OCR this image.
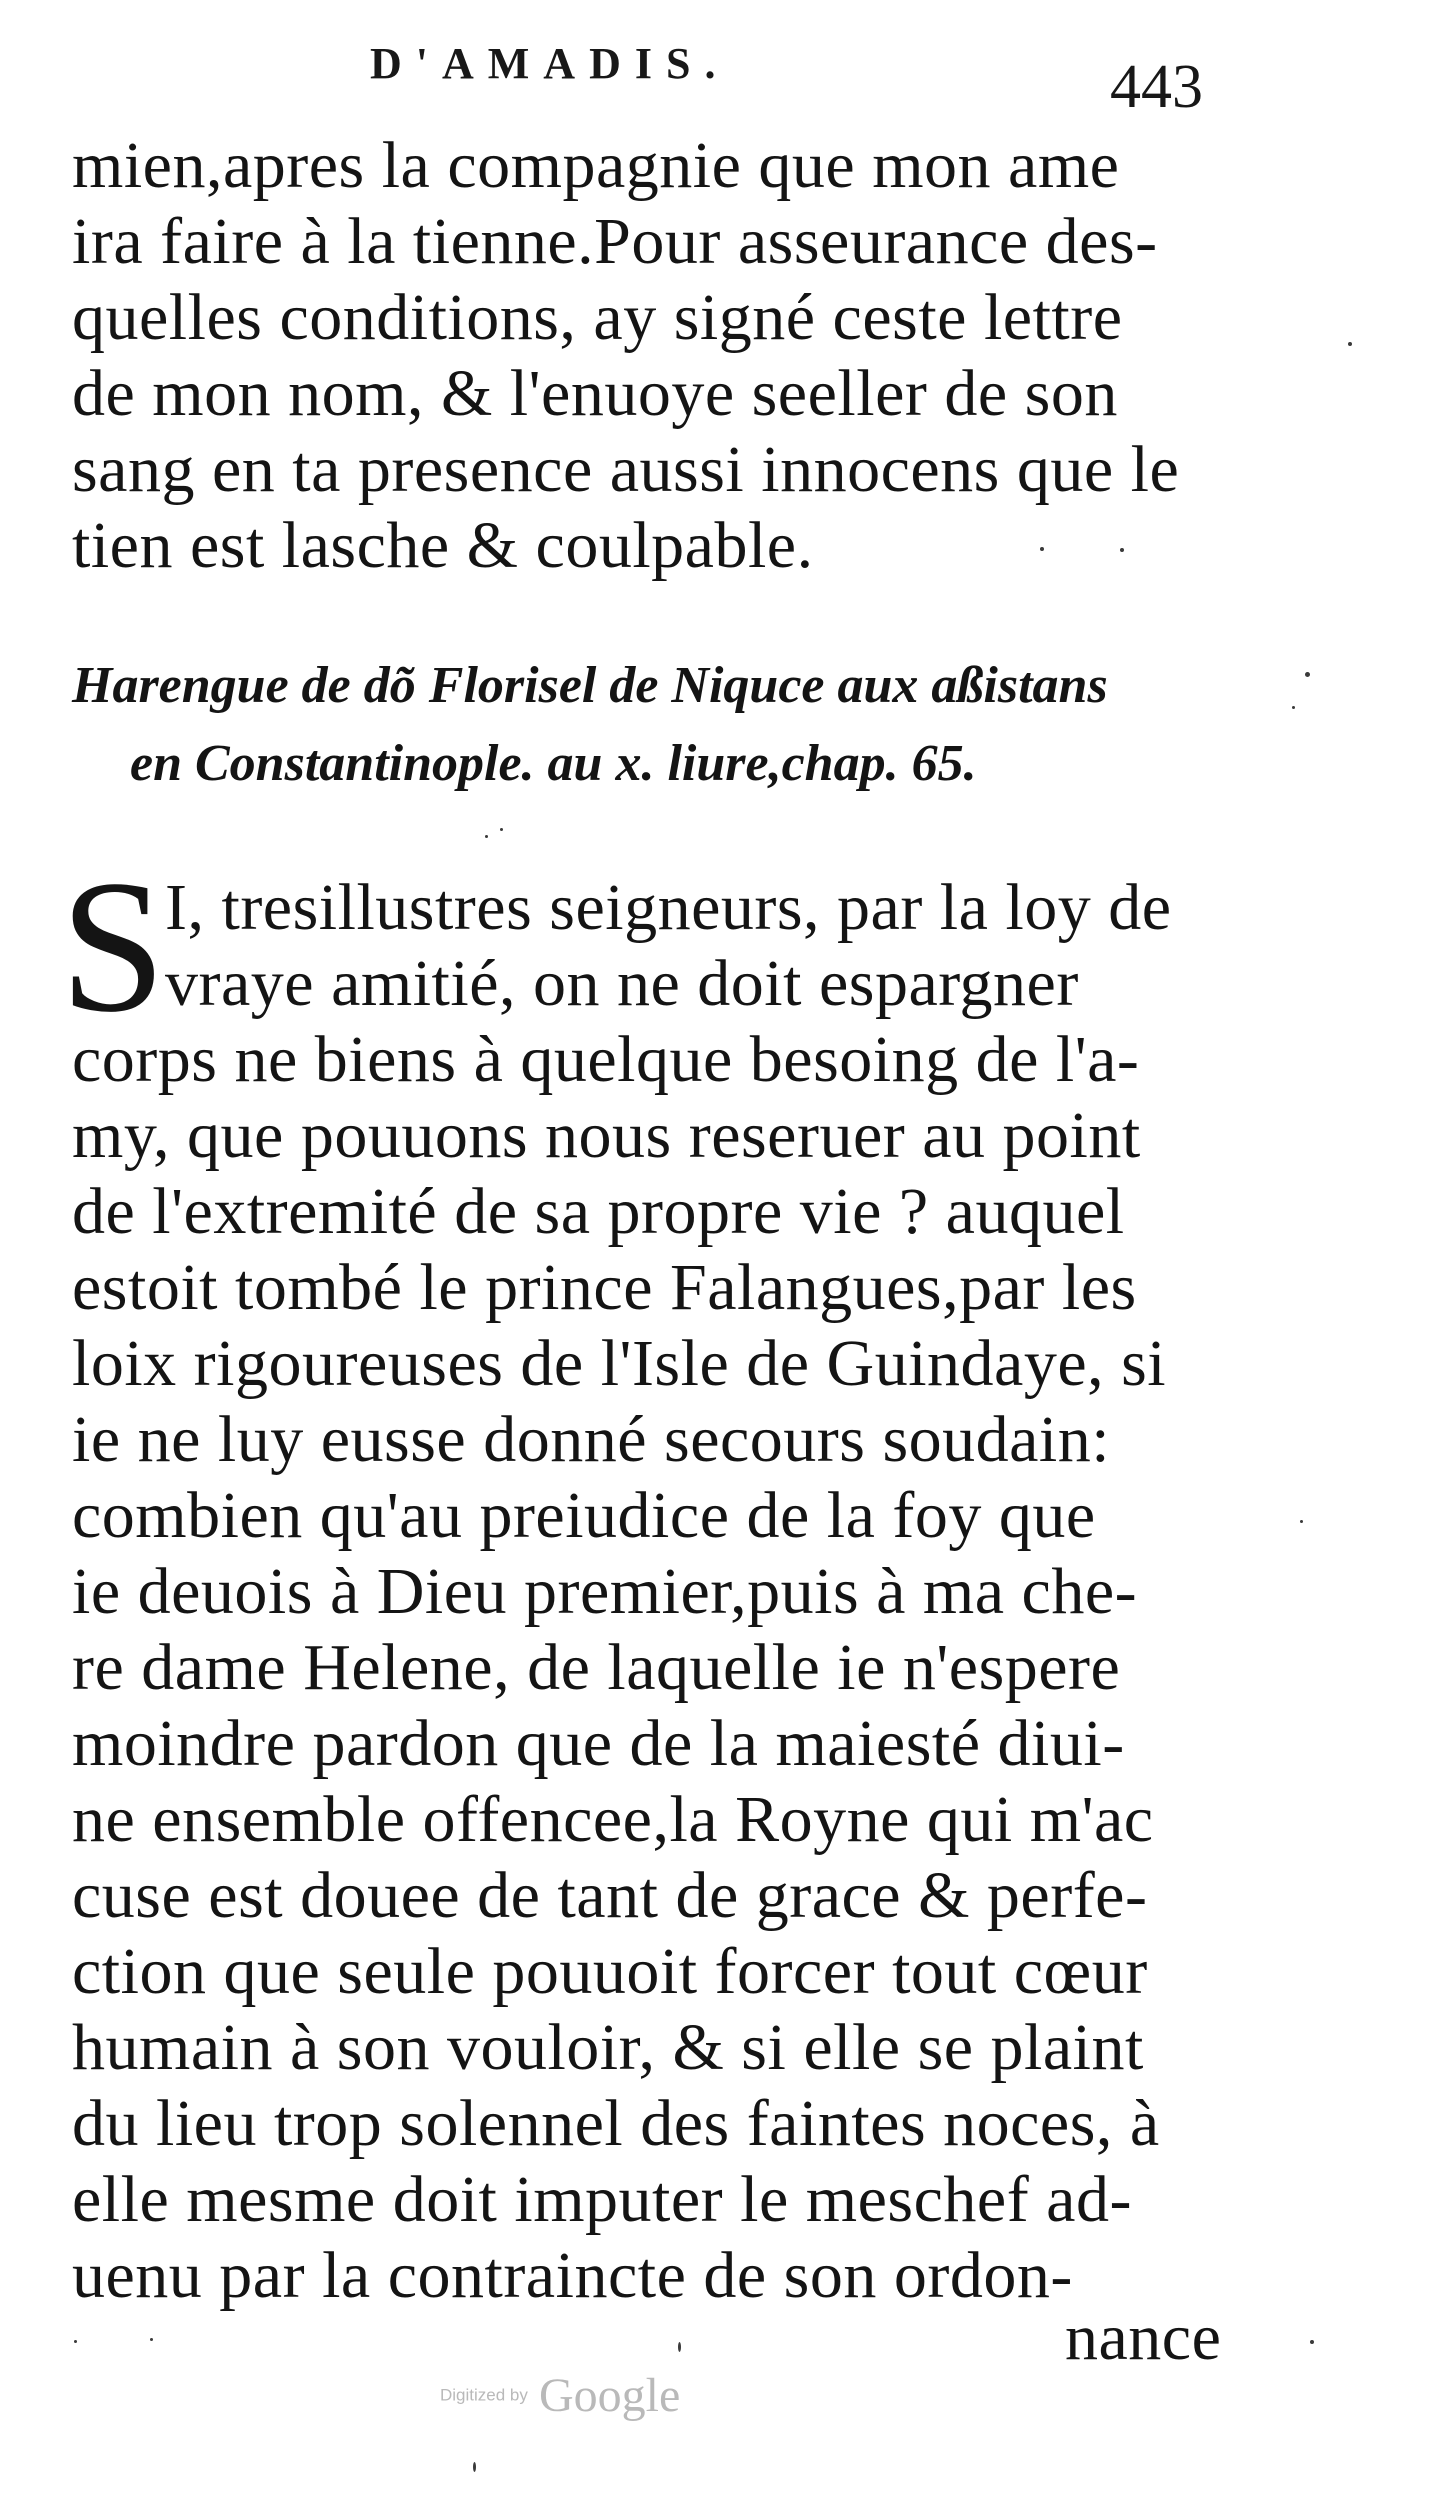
D'AMADIS.	443
mien,apres la compagnie que mon ame
ira faire à la tienne.Pour asseurance des-
quelles conditions, ay signé ceste lettre
de mon nom, & l'enuoye seeller de son
sang en ta presence aussi innocens que le
tien est lasche & coulpable.
Harengue de dõ Florisel de Niquce aux aßistans
en Constantinople. au x. liure,chap. 65.
S I, tresillustres seigneurs, par la loy de
vraye amitié, on ne doit espargner
corps ne biens à quelque besoing de l'a-
my, que pouuons nous reseruer au point
de l'extremité de sa propre vie ? auquel
estoit tombé le prince Falangues,par les
loix rigoureuses de l'Isle de Guindaye, si
ie ne luy eusse donné secours soudain:
combien qu'au preiudice de la foy que
ie deuois à Dieu premier,puis à ma che-
re dame Helene, de laquelle ie n'espere
moindre pardon que de la maiesté diui-
ne ensemble offencee,la Royne qui m'ac
cuse est douee de tant de grace & perfe-
ction que seule pouuoit forcer tout cœur
humain à son vouloir, & si elle se plaint
du lieu trop solennel des faintes noces, à
elle mesme doit imputer le meschef ad-
uenu par la contraincte de son ordon-
nance
Digitized by Google
